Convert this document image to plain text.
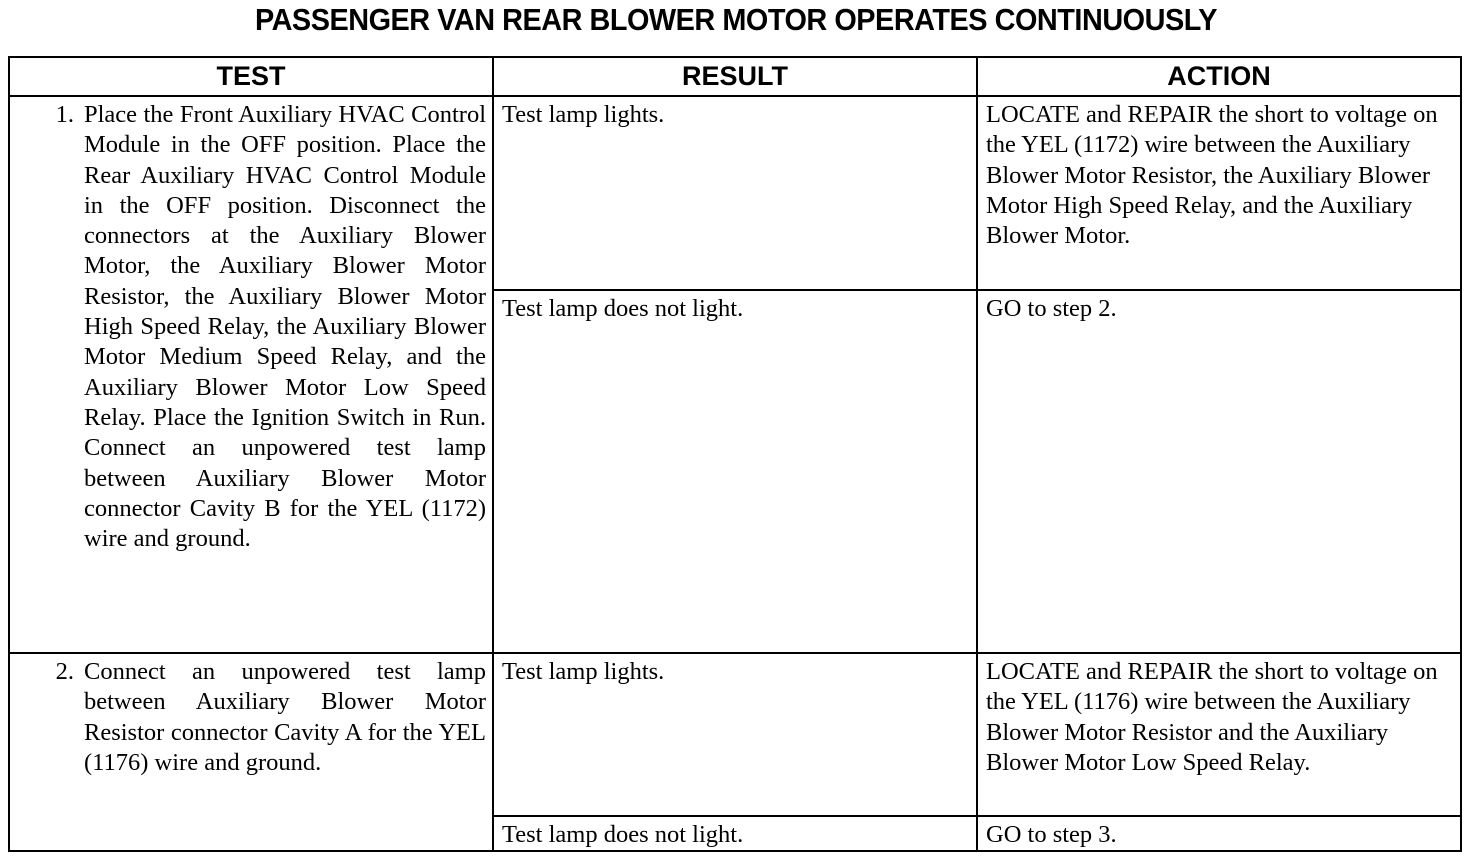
PASSENGER VAN REAR BLOWER MOTOR OPERATES CONTINUOUSLY
TEST	RESULT	ACTION

1. Place the Front Auxiliary HVAC Control Module in the OFF position. Place the Rear Auxiliary HVAC Control Module in the OFF position. Disconnect the connectors at the Auxiliary Blower Motor, the Auxiliary Blower Motor Resistor, the Auxiliary Blower Motor High Speed Relay, the Auxiliary Blower Motor Medium Speed Relay, and the Auxiliary Blower Motor Low Speed Relay. Place the Ignition Switch in Run. Connect an unpowered test lamp between Auxiliary Blower Motor connector Cavity B for the YEL (1172) wire and ground.	Test lamp lights.	LOCATE and REPAIR the short to voltage on the YEL (1172) wire between the Auxiliary Blower Motor Resistor, the Auxiliary Blower Motor High Speed Relay, and the Auxiliary Blower Motor.

	Test lamp does not light.	GO to step 2.

2. Connect an unpowered test lamp between Auxiliary Blower Motor Resistor connector Cavity A for the YEL (1176) wire and ground.	Test lamp lights.	LOCATE and REPAIR the short to voltage on the YEL (1176) wire between the Auxiliary Blower Motor Resistor and the Auxiliary Blower Motor Low Speed Relay.

	Test lamp does not light.	GO to step 3.
